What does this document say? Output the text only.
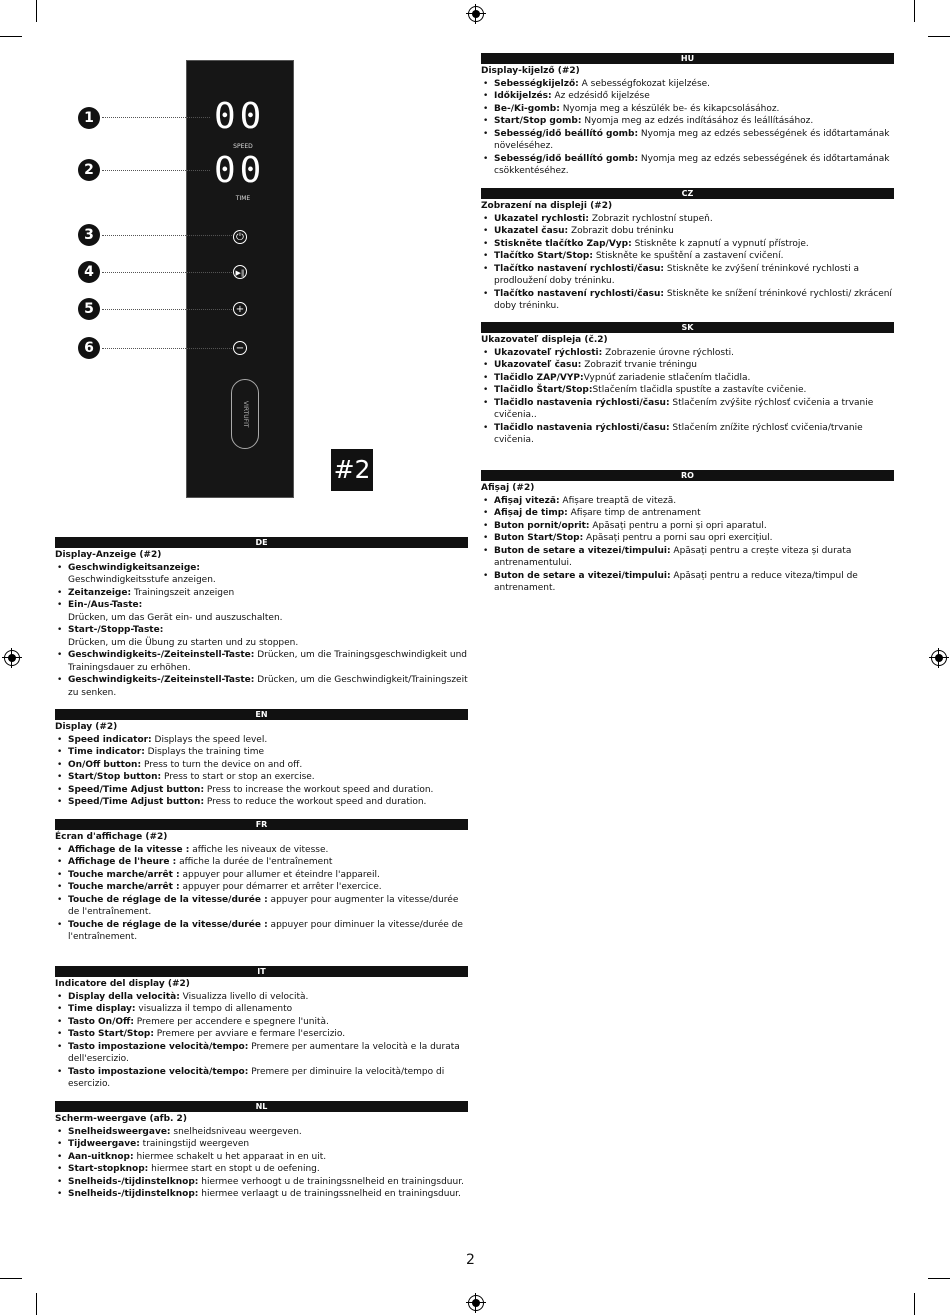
00
SPEED
00
TIME
⏻
▶‖
+
−
VIRTUFIT
1
2
3
4
5
6
#2
HU
Display-kijelző (#2)
• Sebességkijelző: A sebességfokozat kijelzése.
• Időkijelzés: Az edzésidő kijelzése
• Be-/Ki-gomb: Nyomja meg a készülék be- és kikapcsolásához.
• Start/Stop gomb: Nyomja meg az edzés indításához és leállításához.
• Sebesség/idő beállító gomb: Nyomja meg az edzés sebességének és időtartamának növeléséhez.
• Sebesség/idő beállító gomb: Nyomja meg az edzés sebességének és időtartamának csökkentéséhez.
CZ
Zobrazení na displeji (#2)
• Ukazatel rychlosti: Zobrazit rychlostní stupeň.
• Ukazatel času: Zobrazit dobu tréninku
• Stiskněte tlačítko Zap/Vyp: Stiskněte k zapnutí a vypnutí přístroje.
• Tlačítko Start/Stop: Stiskněte ke spuštění a zastavení cvičení.
• Tlačítko nastavení rychlosti/času: Stiskněte ke zvýšení tréninkové rychlosti a prodloužení doby tréninku.
• Tlačítko nastavení rychlosti/času: Stiskněte ke snížení tréninkové rychlosti/ zkrácení doby tréninku.
SK
Ukazovateľ displeja (č.2)
• Ukazovateľ rýchlosti: Zobrazenie úrovne rýchlosti.
• Ukazovateľ času: Zobraziť trvanie tréningu
• Tlačidlo ZAP/VYP:Vypnúť zariadenie stlačením tlačidla.
• Tlačidlo Štart/Stop:Stlačením tlačidla spustíte a zastavíte cvičenie.
• Tlačidlo nastavenia rýchlosti/času: Stlačením zvýšite rýchlosť cvičenia a trvanie cvičenia..
• Tlačidlo nastavenia rýchlosti/času: Stlačením znížite rýchlosť cvičenia/trvanie cvičenia.
RO
Afișaj (#2)
• Afișaj viteză: Afișare treaptă de viteză.
• Afișaj de timp: Afișare timp de antrenament
• Buton pornit/oprit: Apăsați pentru a porni și opri aparatul.
• Buton Start/Stop: Apăsați pentru a porni sau opri exercițiul.
• Buton de setare a vitezei/timpului: Apăsați pentru a crește viteza și durata antrenamentului.
• Buton de setare a vitezei/timpului: Apăsați pentru a reduce viteza/timpul de antrenament.
DE
Display-Anzeige (#2)
• Geschwindigkeitsanzeige:
Geschwindigkeitsstufe anzeigen.
• Zeitanzeige: Trainingszeit anzeigen
• Ein-/Aus-Taste:
Drücken, um das Gerät ein- und auszuschalten.
• Start-/Stopp-Taste:
Drücken, um die Übung zu starten und zu stoppen.
• Geschwindigkeits-/Zeiteinstell-Taste: Drücken, um die Trainingsgeschwindigkeit und Trainingsdauer zu erhöhen.
• Geschwindigkeits-/Zeiteinstell-Taste: Drücken, um die Geschwindigkeit/Trainingszeit zu senken.
EN
Display (#2)
• Speed indicator: Displays the speed level.
• Time indicator: Displays the training time
• On/Off button: Press to turn the device on and off.
• Start/Stop button: Press to start or stop an exercise.
• Speed/Time Adjust button: Press to increase the workout speed and duration.
• Speed/Time Adjust button: Press to reduce the workout speed and duration.
FR
Écran d'affichage (#2)
• Affichage de la vitesse : affiche les niveaux de vitesse.
• Affichage de l'heure : affiche la durée de l'entraînement
• Touche marche/arrêt : appuyer pour allumer et éteindre l'appareil.
• Touche marche/arrêt : appuyer pour démarrer et arrêter l'exercice.
• Touche de réglage de la vitesse/durée : appuyer pour augmenter la vitesse/durée de l'entraînement.
• Touche de réglage de la vitesse/durée : appuyer pour diminuer la vitesse/durée de l'entraînement.
IT
Indicatore del display (#2)
• Display della velocità: Visualizza livello di velocità.
• Time display: visualizza il tempo di allenamento
• Tasto On/Off: Premere per accendere e spegnere l'unità.
• Tasto Start/Stop: Premere per avviare e fermare l'esercizio.
• Tasto impostazione velocità/tempo: Premere per aumentare la velocità e la durata dell'esercizio.
• Tasto impostazione velocità/tempo: Premere per diminuire la velocità/tempo di esercizio.
NL
Scherm-weergave (afb. 2)
• Snelheidsweergave: snelheidsniveau weergeven.
• Tijdweergave: trainingstijd weergeven
• Aan-uitknop: hiermee schakelt u het apparaat in en uit.
• Start-stopknop: hiermee start en stopt u de oefening.
• Snelheids-/tijdinstelknop: hiermee verhoogt u de trainingssnelheid en trainingsduur.
• Snelheids-/tijdinstelknop: hiermee verlaagt u de trainingssnelheid en trainingsduur.
2
